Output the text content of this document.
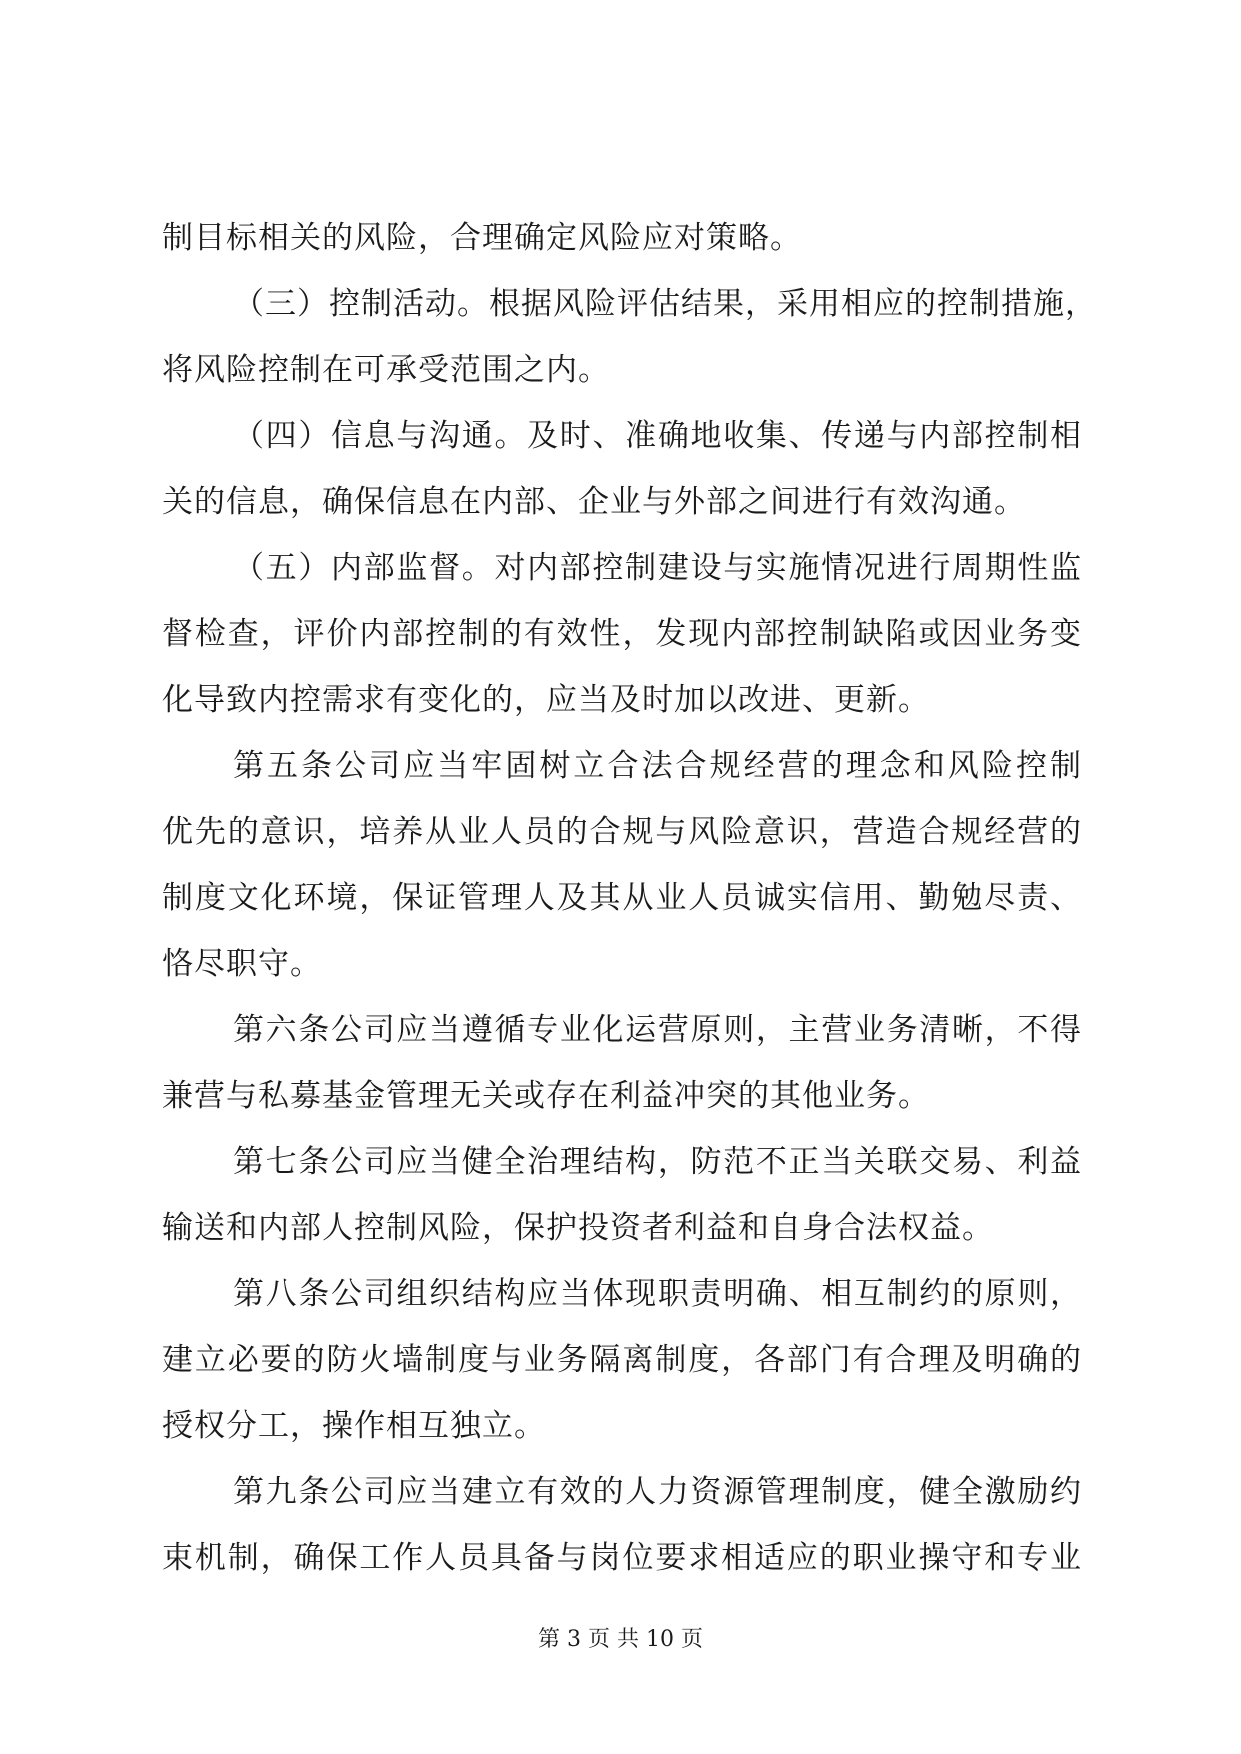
制目标相关的风险，合理确定风险应对策略。
（三）控制活动。根据风险评估结果，采用相应的控制措施，
将风险控制在可承受范围之内。
（四）信息与沟通。及时、准确地收集、传递与内部控制相
关的信息，确保信息在内部、企业与外部之间进行有效沟通。
（五）内部监督。对内部控制建设与实施情况进行周期性监
督检查，评价内部控制的有效性，发现内部控制缺陷或因业务变
化导致内控需求有变化的，应当及时加以改进、更新。
第五条公司应当牢固树立合法合规经营的理念和风险控制
优先的意识，培养从业人员的合规与风险意识，营造合规经营的
制度文化环境，保证管理人及其从业人员诚实信用、勤勉尽责、
恪尽职守。
第六条公司应当遵循专业化运营原则，主营业务清晰，不得
兼营与私募基金管理无关或存在利益冲突的其他业务。
第七条公司应当健全治理结构，防范不正当关联交易、利益
输送和内部人控制风险，保护投资者利益和自身合法权益。
第八条公司组织结构应当体现职责明确、相互制约的原则，
建立必要的防火墙制度与业务隔离制度，各部门有合理及明确的
授权分工，操作相互独立。
第九条公司应当建立有效的人力资源管理制度，健全激励约
束机制，确保工作人员具备与岗位要求相适应的职业操守和专业
第 3 页 共 10 页
